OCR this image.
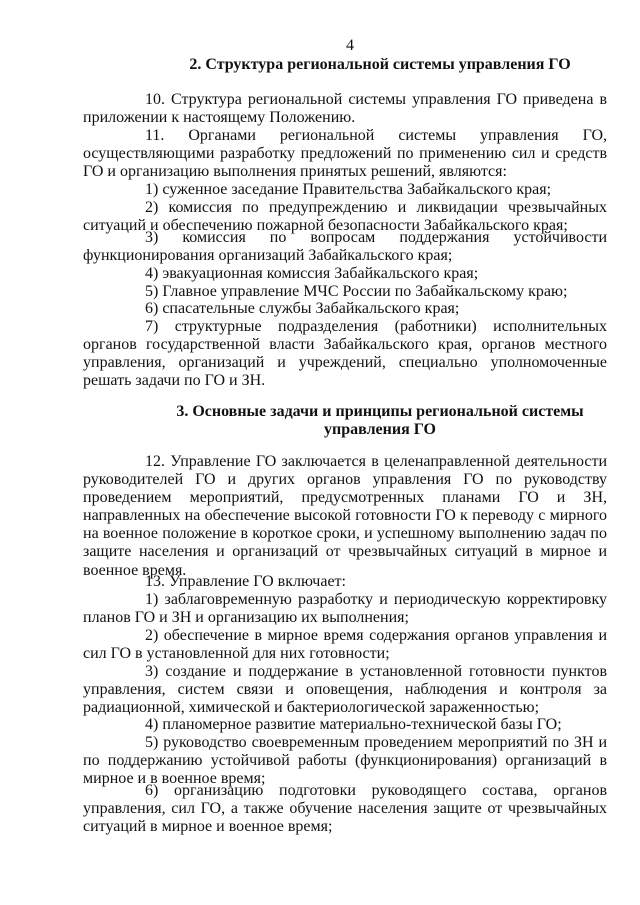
4
2. Структура региональной системы управления ГО

10. Структура региональной системы управления ГО приведена в приложении к настоящему Положению.

11. Органами региональной системы управления ГО, осуществляющими разработку предложений по применению сил и средств ГО и организацию выполнения принятых решений, являются:

1) суженное заседание Правительства Забайкальского края;

2) комиссия по предупреждению и ликвидации чрезвычайных ситуаций и обеспечению пожарной безопасности Забайкальского края;

3) комиссия по вопросам поддержания устойчивости функционирования организаций Забайкальского края;

4) эвакуационная комиссия Забайкальского края;

5) Главное управление МЧС России по Забайкальскому краю;

6) спасательные службы Забайкальского края;

7) структурные подразделения (работники) исполнительных органов государственной власти Забайкальского края, органов местного управления, организаций и учреждений, специально уполномоченные решать задачи по ГО и ЗН.

3. Основные задачи и принципы региональной системы
управления ГО

12. Управление ГО заключается в целенаправленной деятельности руководителей ГО и других органов управления ГО по руководству проведением мероприятий, предусмотренных планами ГО и ЗН, направленных на обеспечение высокой готовности ГО к переводу с мирного на военное положение в короткое сроки, и успешному выполнению задач по защите населения и организаций от чрезвычайных ситуаций в мирное и военное время.

13. Управление ГО включает:

1) заблаговременную разработку и периодическую корректировку планов ГО и ЗН и организацию их выполнения;

2) обеспечение в мирное время содержания органов управления и сил ГО в установленной для них готовности;

3) создание и поддержание в установленной готовности пунктов управления, систем связи и оповещения, наблюдения и контроля за радиационной, химической и бактериологической зараженностью;

4) планомерное развитие материально-технической базы ГО;

5) руководство своевременным проведением мероприятий по ЗН и по поддержанию устойчивой работы (функционирования) организаций в мирное и в военное время;

6) организацию подготовки руководящего состава, органов управления, сил ГО, а также обучение населения защите от чрезвычайных ситуаций в мирное и военное время;
